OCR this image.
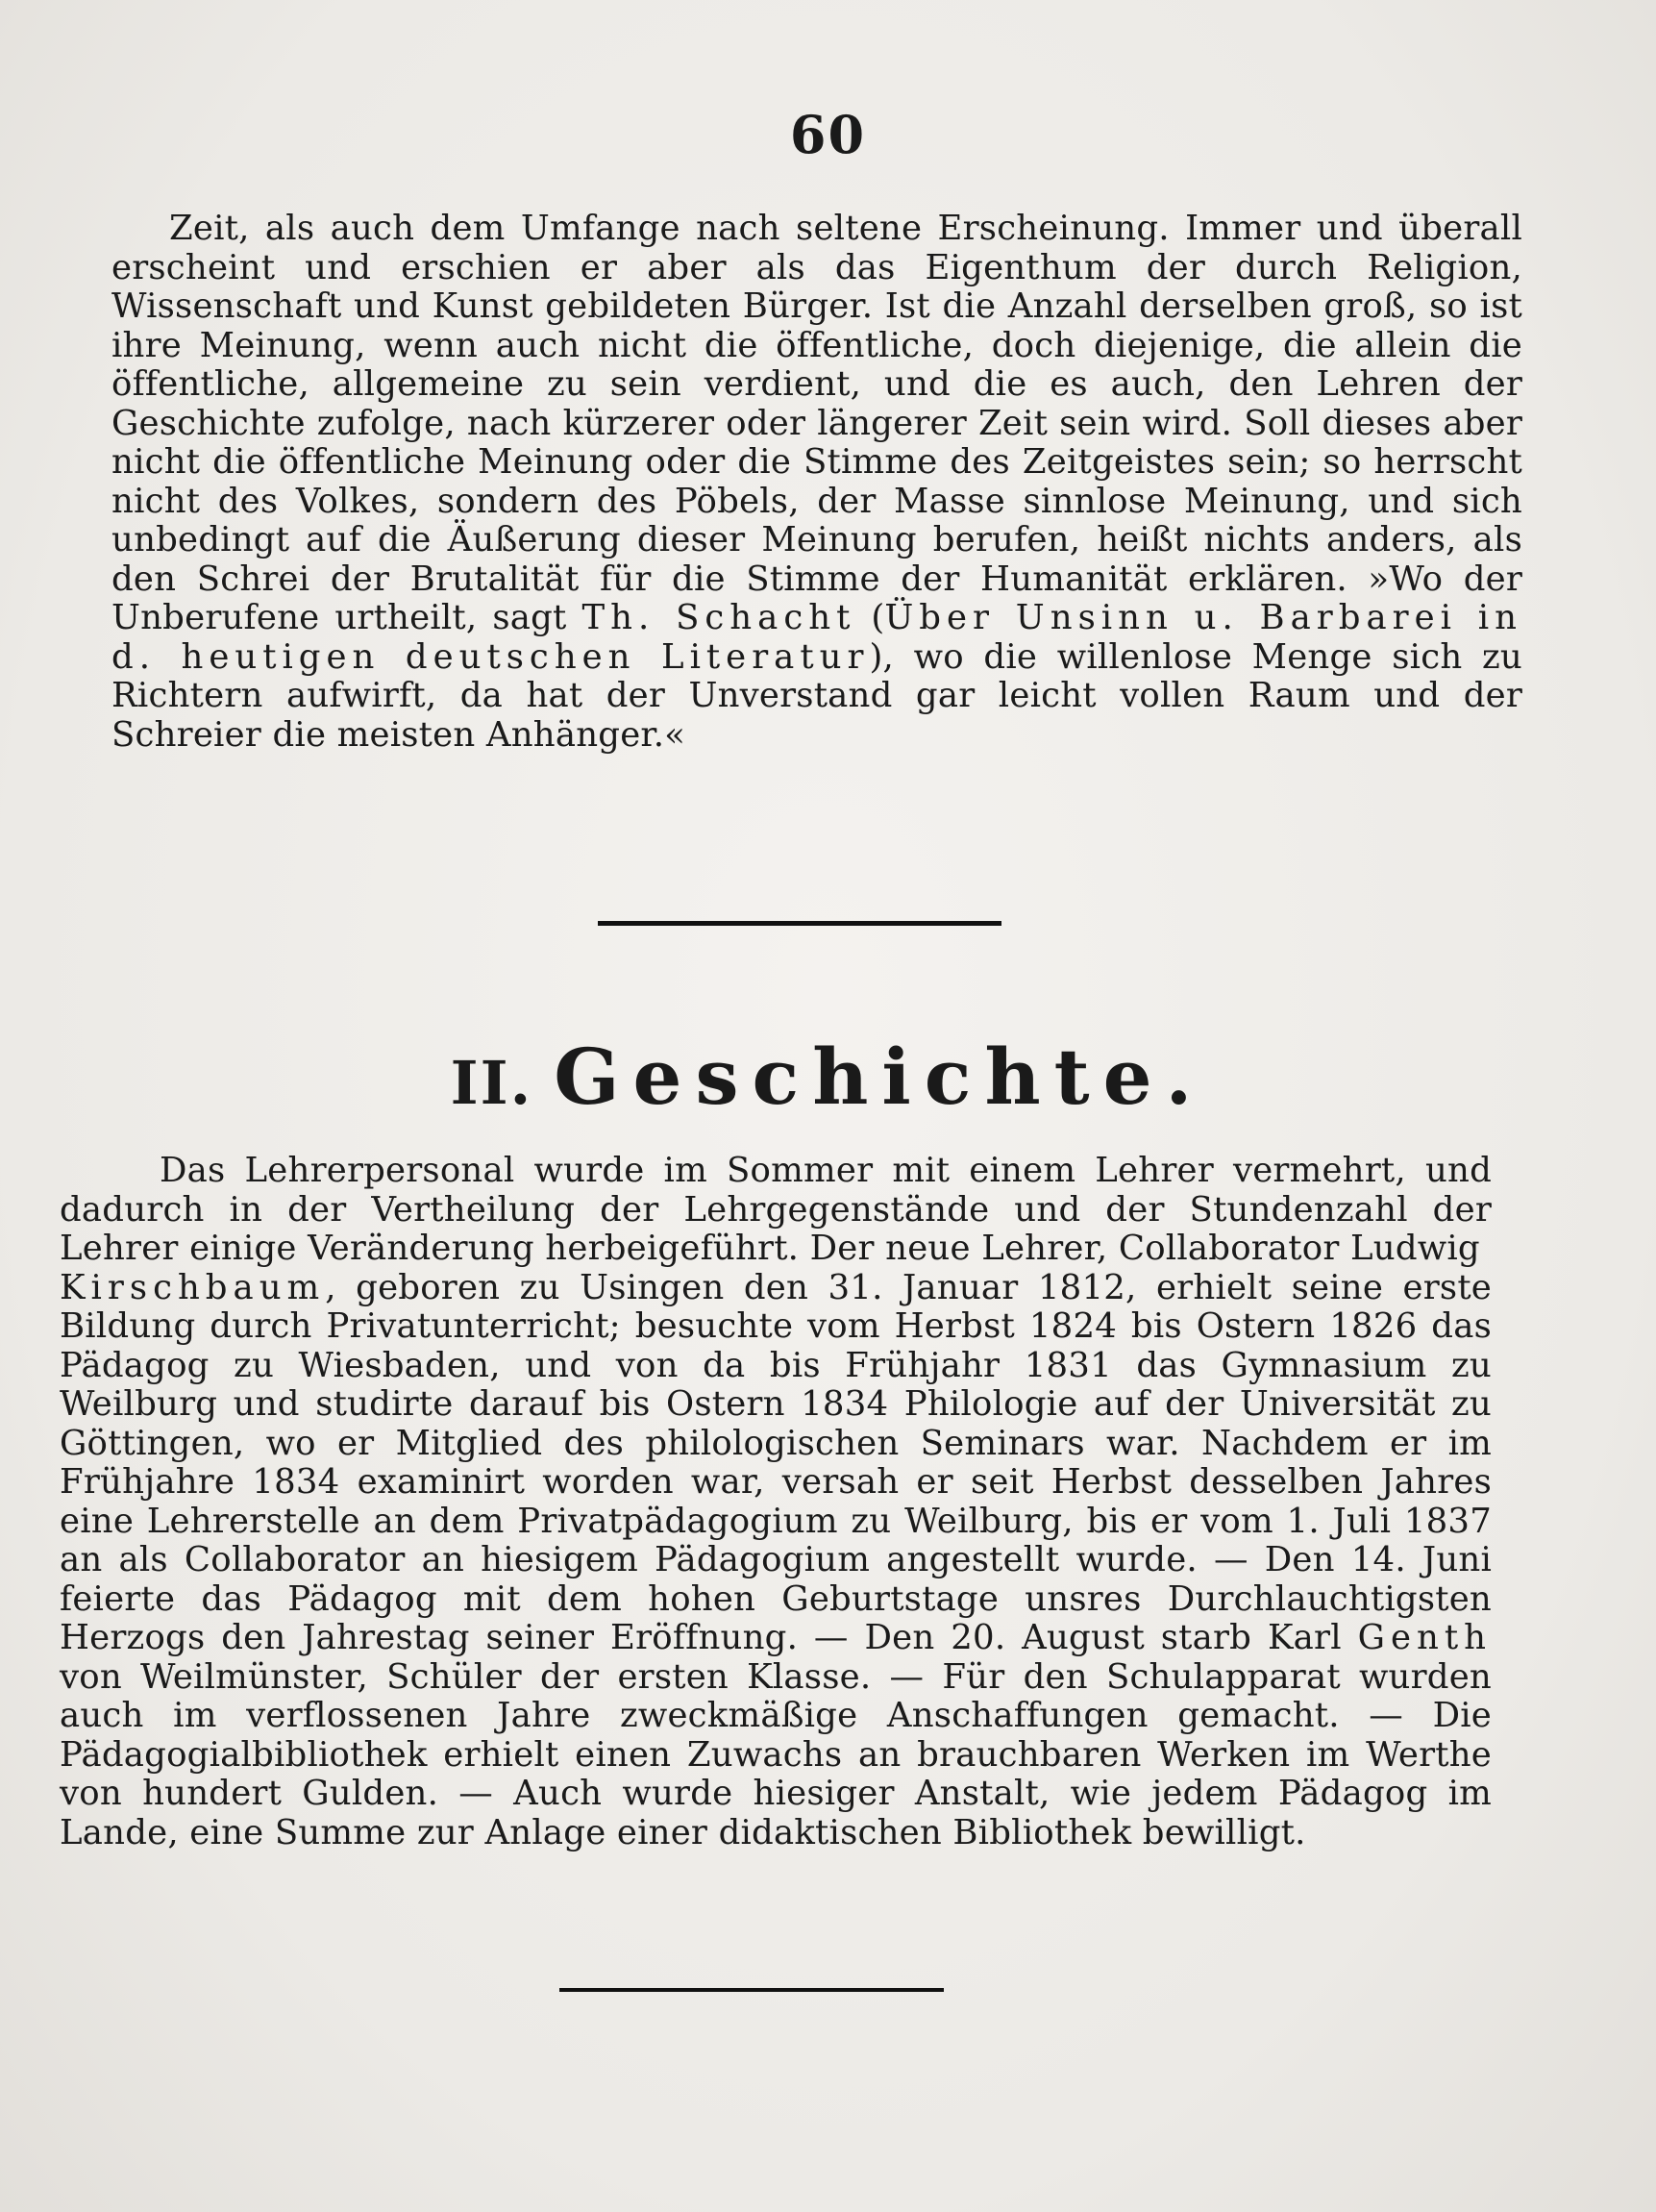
60

Zeit, als auch dem Umfange nach seltene Erscheinung. Immer und überall erscheint und erschien er aber als das Eigenthum der durch Religion, Wissenschaft und Kunst gebildeten Bürger. Ist die Anzahl derselben groß, so ist ihre Meinung, wenn auch nicht die öffentliche, doch diejenige, die allein die öffentliche, allgemeine zu sein verdient, und die es auch, den Lehren der Geschichte zufolge, nach kürzerer oder längerer Zeit sein wird. Soll dieses aber nicht die öffentliche Meinung oder die Stimme des Zeitgeistes sein; so herrscht nicht des Volkes, sondern des Pöbels, der Masse sinnlose Meinung, und sich unbedingt auf die Äußerung dieser Meinung berufen, heißt nichts anders, als den Schrei der Brutalität für die Stimme der Humanität erklären. »Wo der Unberufene urtheilt, sagt Th. Schacht (Über Unsinn u. Barbarei in d. heutigen deutschen Literatur), wo die willenlose Menge sich zu Richtern aufwirft, da hat der Unverstand gar leicht vollen Raum und der Schreier die meisten Anhänger.«

II. Geschichte.

Das Lehrerpersonal wurde im Sommer mit einem Lehrer vermehrt, und dadurch in der Vertheilung der Lehrgegenstände und der Stundenzahl der Lehrer einige Veränderung herbeigeführt. Der neue Lehrer, Collaborator Ludwig
Kirschbaum, geboren zu Usingen den 31. Januar 1812, erhielt seine erste Bildung durch Privatunterricht; besuchte vom Herbst 1824 bis Ostern 1826 das Pädagog zu Wiesbaden, und von da bis Frühjahr 1831 das Gymnasium zu Weilburg und studirte darauf bis Ostern 1834 Philologie auf der Universität zu Göttingen, wo er Mitglied des philologischen Seminars war. Nachdem er im Frühjahre 1834 examinirt worden war, versah er seit Herbst desselben Jahres eine Lehrerstelle an dem Privatpädagogium zu Weilburg, bis er vom 1. Juli 1837 an als Collaborator an hiesigem Pädagogium angestellt wurde. — Den 14. Juni feierte das Pädagog mit dem hohen Geburtstage unsres Durchlauchtigsten Herzogs den Jahrestag seiner Eröffnung. — Den 20. August starb Karl Genth von Weilmünster, Schüler der ersten Klasse. — Für den Schulapparat wurden auch im verflossenen Jahre zweckmäßige Anschaffungen gemacht. — Die Pädagogialbibliothek erhielt einen Zuwachs an brauchbaren Werken im Werthe von hundert Gulden. — Auch wurde hiesiger Anstalt, wie jedem Pädagog im Lande, eine Summe zur Anlage einer didaktischen Bibliothek bewilligt.
